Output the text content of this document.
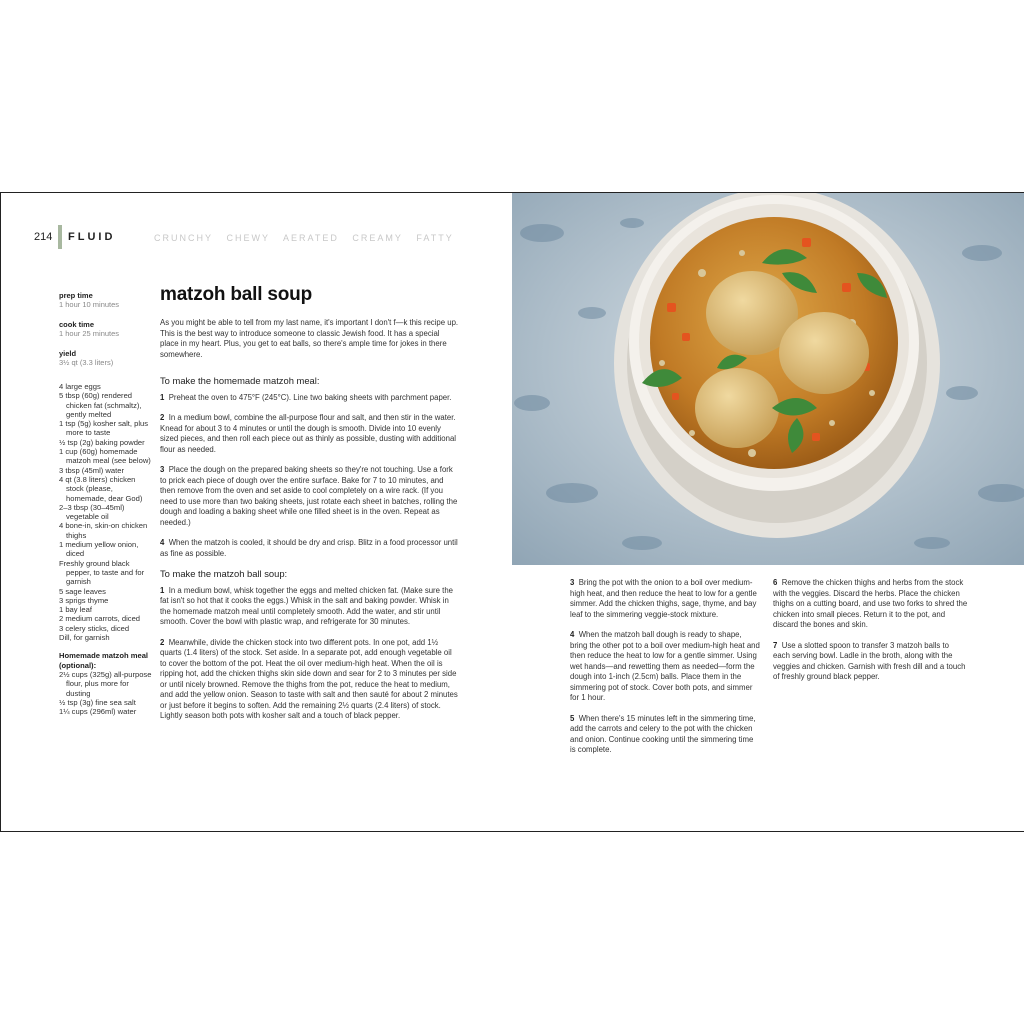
214 FLUID	CRUNCHY CHEWY AERATED CREAMY FATTY
prep time
1 hour 10 minutes
cook time
1 hour 25 minutes
yield
3½ qt (3.3 liters)
4 large eggs
5 tbsp (60g) rendered chicken fat (schmaltz), gently melted
1 tsp (5g) kosher salt, plus more to taste
½ tsp (2g) baking powder
1 cup (60g) homemade matzoh meal (see below)
3 tbsp (45ml) water
4 qt (3.8 liters) chicken stock (please, homemade, dear God)
2–3 tbsp (30–45ml) vegetable oil
4 bone-in, skin-on chicken thighs
1 medium yellow onion, diced
Freshly ground black pepper, to taste and for garnish
5 sage leaves
3 sprigs thyme
1 bay leaf
2 medium carrots, diced
3 celery sticks, diced
Dill, for garnish
Homemade matzoh meal (optional):
2½ cups (325g) all-purpose flour, plus more for dusting
½ tsp (3g) fine sea salt
1¼ cups (296ml) water
matzoh ball soup

As you might be able to tell from my last name, it's important I don't f—k this recipe up. This is the best way to introduce someone to classic Jewish food. It has a special place in my heart. Plus, you get to eat balls, so there's ample time for jokes in there somewhere.

To make the homemade matzoh meal:

1 Preheat the oven to 475°F (245°C). Line two baking sheets with parchment paper.

2 In a medium bowl, combine the all-purpose flour and salt, and then stir in the water. Knead for about 3 to 4 minutes or until the dough is smooth. Divide into 10 evenly sized pieces, and then roll each piece out as thinly as possible, dusting with additional flour as needed.

3 Place the dough on the prepared baking sheets so they're not touching. Use a fork to prick each piece of dough over the entire surface. Bake for 7 to 10 minutes, and then remove from the oven and set aside to cool completely on a wire rack. (If you need to use more than two baking sheets, just rotate each sheet in batches, rolling the dough and loading a baking sheet while one filled sheet is in the oven. Repeat as needed.)

4 When the matzoh is cooled, it should be dry and crisp. Blitz in a food processor until as fine as possible.

To make the matzoh ball soup:

1 In a medium bowl, whisk together the eggs and melted chicken fat. (Make sure the fat isn't so hot that it cooks the eggs.) Whisk in the salt and baking powder. Whisk in the homemade matzoh meal until completely smooth. Add the water, and stir until smooth. Cover the bowl with plastic wrap, and refrigerate for 30 minutes.

2 Meanwhile, divide the chicken stock into two different pots. In one pot, add 1½ quarts (1.4 liters) of the stock. Set aside. In a separate pot, add enough vegetable oil to cover the bottom of the pot. Heat the oil over medium-high heat. When the oil is ripping hot, add the chicken thighs skin side down and sear for 2 to 3 minutes per side or until nicely browned. Remove the thighs from the pot, reduce the heat to medium, and add the yellow onion. Season to taste with salt and then sauté for about 2 minutes or just before it begins to soften. Add the remaining 2½ quarts (2.4 liters) of stock. Lightly season both pots with kosher salt and a touch of black pepper.

3 Bring the pot with the onion to a boil over medium-high heat, and then reduce the heat to low for a gentle simmer. Add the chicken thighs, sage, thyme, and bay leaf to the simmering veggie-stock mixture.

4 When the matzoh ball dough is ready to shape, bring the other pot to a boil over medium-high heat and then reduce the heat to low for a gentle simmer. Using wet hands—and rewetting them as needed—form the dough into 1-inch (2.5cm) balls. Place them in the simmering pot of stock. Cover both pots, and simmer for 1 hour.

5 When there's 15 minutes left in the simmering time, add the carrots and celery to the pot with the chicken and onion. Continue cooking until the simmering time is complete.

6 Remove the chicken thighs and herbs from the stock with the veggies. Discard the herbs. Place the chicken thighs on a cutting board, and use two forks to shred the chicken into small pieces. Return it to the pot, and discard the bones and skin.

7 Use a slotted spoon to transfer 3 matzoh balls to each serving bowl. Ladle in the broth, along with the veggies and chicken. Garnish with fresh dill and a touch of freshly ground black pepper.
